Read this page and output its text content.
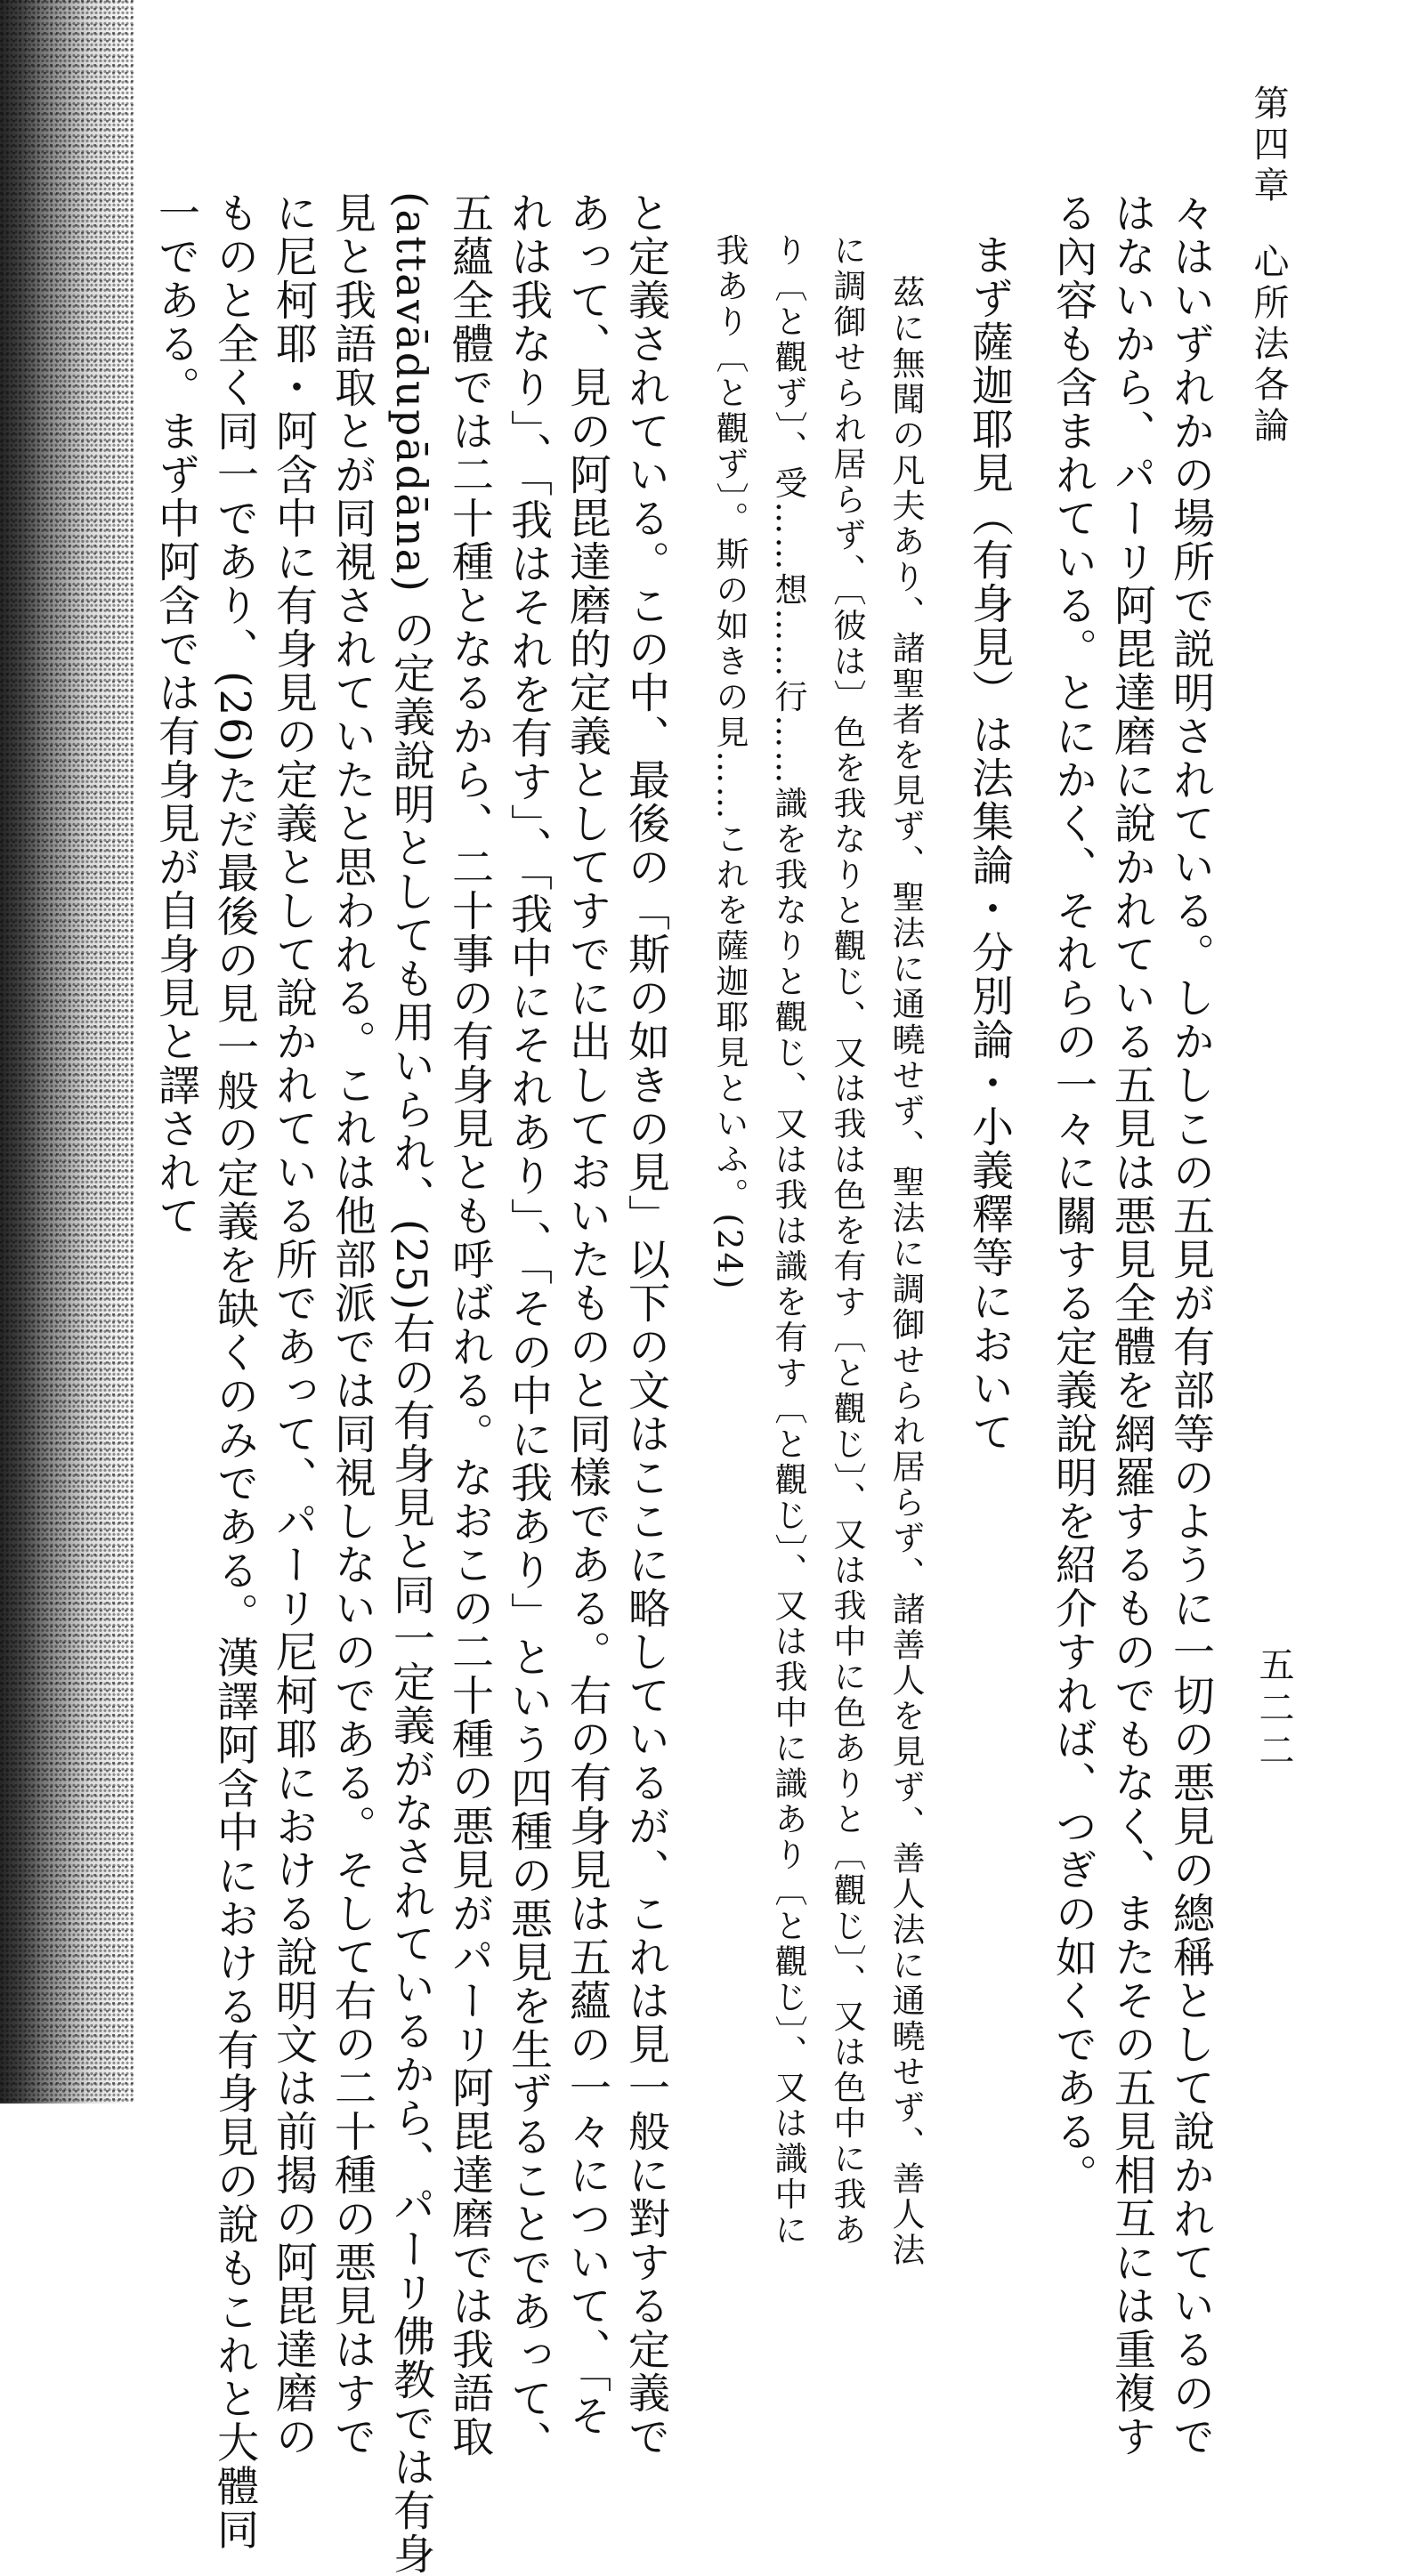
第四章心所法各論
五二二
々はいずれかの場所で説明されている。しかしこの五見が有部等のように一切の悪見の總稱として說かれているので
はないから、パーリ阿毘達磨に說かれている五見は悪見全體を網羅するものでもなく、またその五見相互には重複す
る內容も含まれている。とにかく、それらの一々に關する定義說明を紹介すれば、つぎの如くである。
まず薩迦耶見（有身見）は法集論・分別論・小義釋等において
茲に無聞の凡夫あり、諸聖者を見ず、聖法に通曉せず、聖法に調御せられ居らず、諸善人を見ず、善人法に通曉せず、善人法
に調御せられ居らず、〔彼は〕色を我なりと觀じ、又は我は色を有す〔と觀じ〕、又は我中に色ありと〔觀じ〕、又は色中に我あ
り〔と觀ず〕、受……想……行……識を我なりと觀じ、又は我は識を有す〔と觀じ〕、又は我中に識あり〔と觀じ〕、又は識中に
我あり〔と觀ず〕。斯の如きの見……これを薩迦耶見といふ。(24)
と定義されている。この中、最後の「斯の如きの見」以下の文はここに略しているが、これは見一般に對する定義で
あって、見の阿毘達磨的定義としてすでに出しておいたものと同樣である。右の有身見は五蘊の一々について、「そ
れは我なり」、「我はそれを有す」、「我中にそれあり」、「その中に我あり」という四種の悪見を生ずることであって、
五蘊全體では二十種となるから、二十事の有身見とも呼ばれる。なおこの二十種の悪見がパーリ阿毘達磨では我語取
(attavādupādāna) の定義說明としても用いられ、(25)右の有身見と同一定義がなされているから、パーリ佛教では有身
見と我語取とが同視されていたと思われる。これは他部派では同視しないのである。そして右の二十種の悪見はすで
に尼柯耶・阿含中に有身見の定義として說かれている所であって、パーリ尼柯耶における說明文は前揭の阿毘達磨の
ものと全く同一であり、(26)ただ最後の見一般の定義を缺くのみである。漢譯阿含中における有身見の說もこれと大體同
一である。まず中阿含では有身見が自身見と譯されて
